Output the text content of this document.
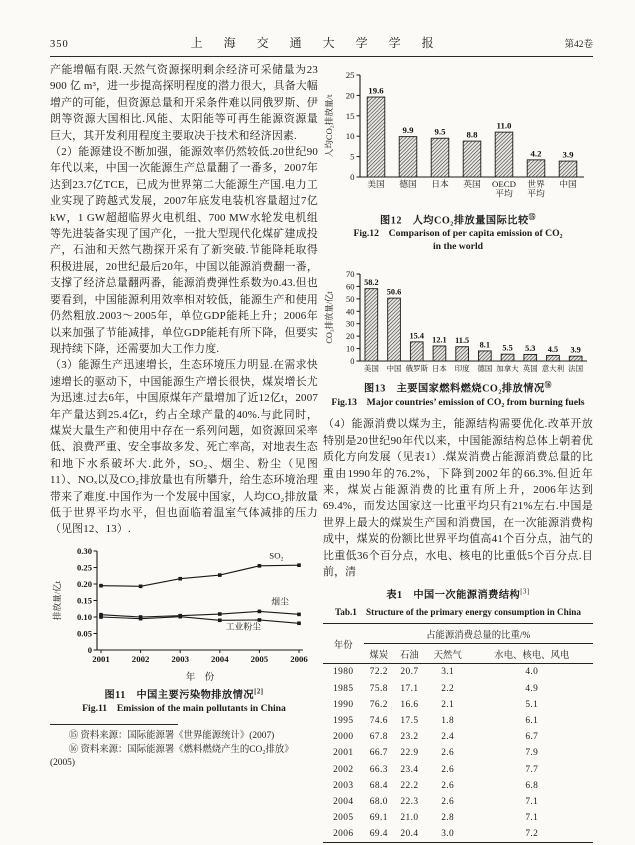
350	上 海 交 通 大 学 学 报	第42卷

产能增幅有限.天然气资源探明剩余经济可采储量为23 900 亿 m³，进一步提高探明程度的潜力很大，具备大幅增产的可能，但资源总量和开采条件难以同俄罗斯、伊朗等资源大国相比.风能、太阳能等可再生能源资源量巨大，其开发利用程度主要取决于技术和经济因素.

（2）能源建设不断加强，能源效率仍然较低.20世纪90年代以来，中国一次能源生产总量翻了一番多，2007年达到23.7亿TCE，已成为世界第二大能源生产国.电力工业实现了跨越式发展，2007年底发电装机容量超过7亿kW，1 GW超超临界火电机组、700 MW水轮发电机组等先进装备实现了国产化，一批大型现代化煤矿建成投产，石油和天然气勘探开采有了新突破.节能降耗取得积极进展，20世纪最后20年，中国以能源消费翻一番，支撑了经济总量翻两番，能源消费弹性系数为0.43.但也要看到，中国能源利用效率相对较低，能源生产和使用仍然粗放.2003～2005年，单位GDP能耗上升；2006年以来加强了节能减排，单位GDP能耗有所下降，但要实现持续下降，还需要加大工作力度.

（3）能源生产迅速增长，生态环境压力明显.在需求快速增长的驱动下，中国能源生产增长很快，煤炭增长尤为迅速.过去6年，中国原煤年产量增加了近12亿t，2007年产量达到25.4亿t，约占全球产量的40%.与此同时，煤炭大量生产和使用中存在一系列问题，如资源回采率低、浪费严重、安全事故多发、死亡率高，对地表生态和地下水系破坏大.此外，SO₂、烟尘、粉尘（见图11）、NOₓ以及CO₂排放量也有所攀升，给生态环境治理带来了难度.中国作为一个发展中国家，人均CO₂排放量低于世界平均水平，但也面临着温室气体减排的压力（见图12、13）.

0
0.05
0.10
0.15
0.20
0.25
0.30
排放量/亿t
2001	2002	2003	2004	2005	2006
年　份
SO₂
烟尘
工业粉尘
图11　中国主要污染物排放情况[2]
Fig.11　Emission of the main pollutants in China
⑮ 资料来源：国际能源署《世界能源统计》(2007)
⑯ 资料来源：国际能源署《燃料燃烧产生的CO₂排放》
(2005)
0
5
10
15
20
25
人均CO₂排放量/t
19.6
美国
9.9
德国
9.5
日本
8.8
英国
11.0
OECD
平均
4.2
世界
平均
3.9
中国
图12　人均CO₂排放量国际比较⑮
Fig.12　Comparison of per capita emission of CO₂ in the world
0
10
20
30
40
50
60
70
CO₂排放量/亿t
58.2
美国
50.6
中国
15.4
俄罗斯
12.1
日本
11.5
印度
8.1
德国
5.5
加拿大
5.3
英国
4.5
意大利
3.9
法国
图13　主要国家燃料燃烧CO₂排放情况⑯
Fig.13　Major countries’ emission of CO₂ from burning fuels

（4）能源消费以煤为主，能源结构需要优化.改革开放特别是20世纪90年代以来，中国能源结构总体上朝着优质化方向发展（见表1）.煤炭消费占能源消费总量的比重由1990年的76.2%，下降到2002年的66.3%.但近年来，煤炭占能源消费的比重有所上升，2006年达到69.4%，而发达国家这一比重平均只有21%左右.中国是世界上最大的煤炭生产国和消费国，在一次能源消费构成中，煤炭的份额比世界平均值高41个百分点，油气的比重低36个百分点，水电、核电的比重低5个百分点.目前，清

表1　中国一次能源消费结构[3]
Tab.1　Structure of the primary energy consumption in China
年份	占能源消费总量的比重/%			
	煤炭	石油	天然气	水电、核电、风电
1980	72.2	20.7	3.1	4.0
1985	75.8	17.1	2.2	4.9
1990	76.2	16.6	2.1	5.1
1995	74.6	17.5	1.8	6.1
2000	67.8	23.2	2.4	6.7
2001	66.7	22.9	2.6	7.9
2002	66.3	23.4	2.6	7.7
2003	68.4	22.2	2.6	6.8
2004	68.0	22.3	2.6	7.1
2005	69.1	21.0	2.8	7.1
2006	69.4	20.4	3.0	7.2
